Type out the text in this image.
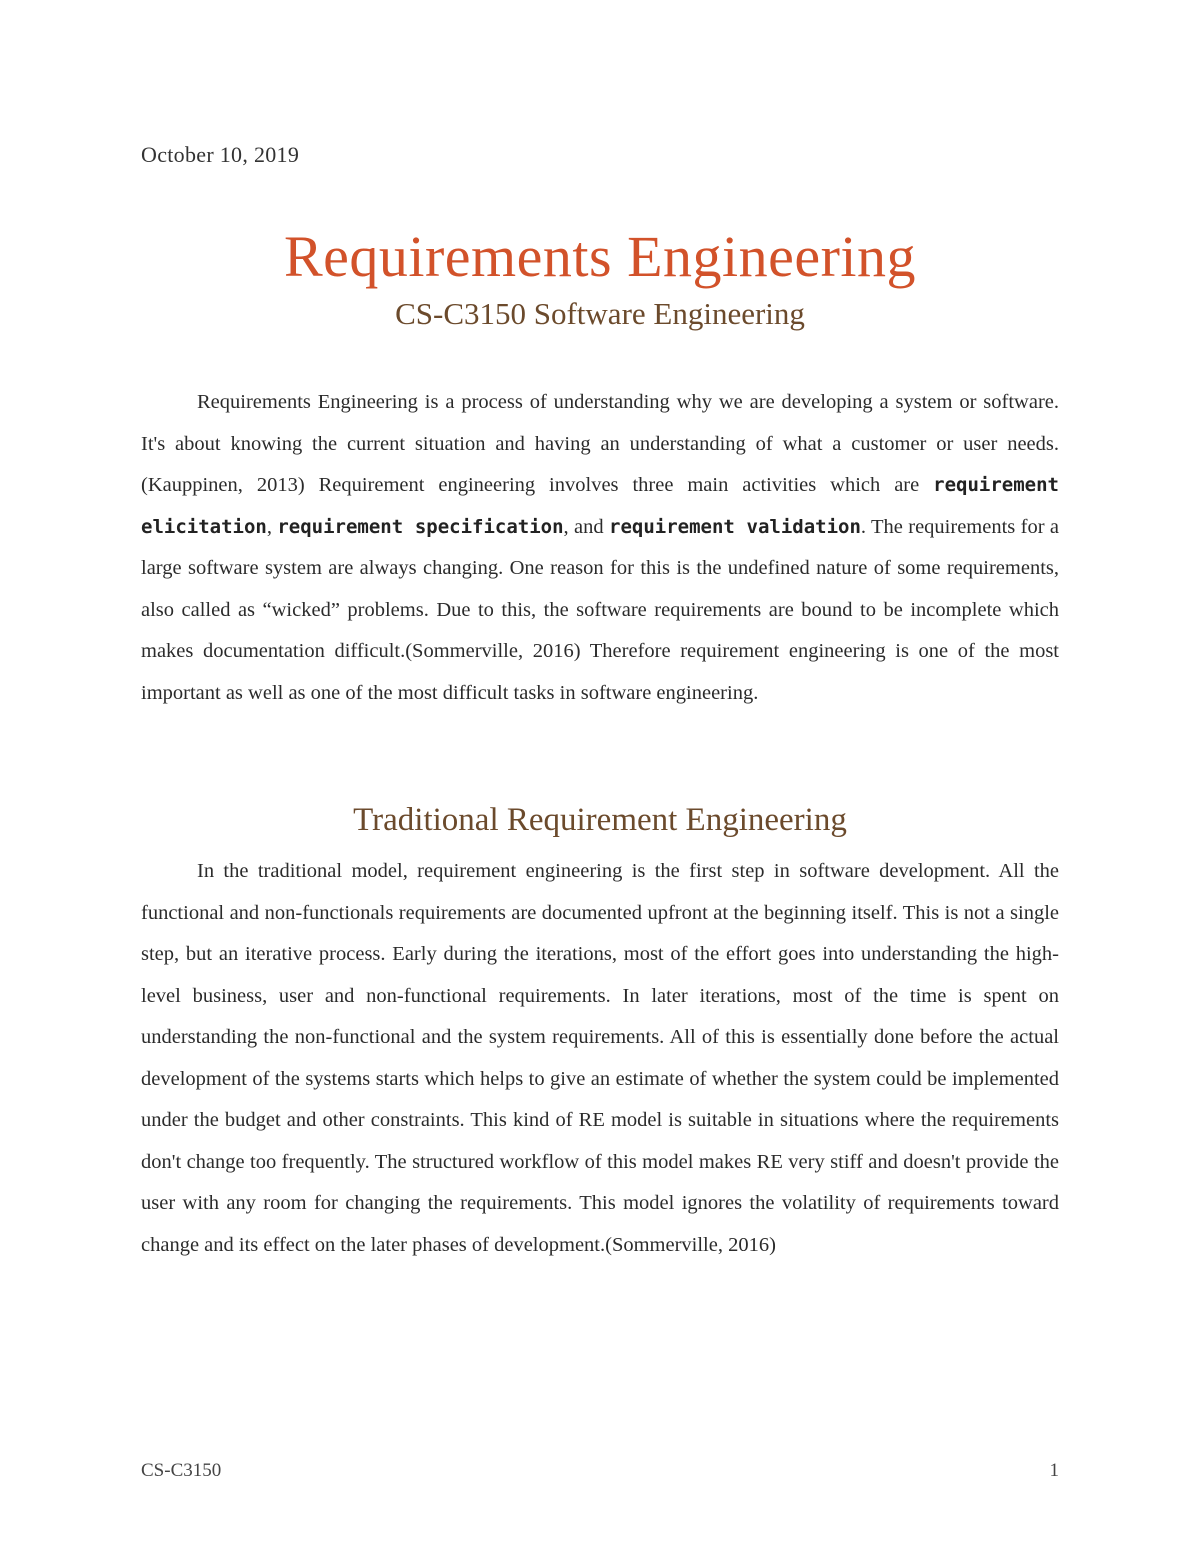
October 10, 2019
Requirements Engineering
CS-C3150 Software Engineering

Requirements Engineering is a process of understanding why we are developing a system or software. It's about knowing the current situation and having an understanding of what a customer or user needs.(Kauppinen, 2013) Requirement engineering involves three main activities which are requirement elicitation, requirement specification, and requirement validation. The requirements for a large software system are always changing. One reason for this is the undefined nature of some requirements, also called as “wicked” problems. Due to this, the software requirements are bound to be incomplete which makes documentation difficult.(Sommerville, 2016) Therefore requirement engineering is one of the most important as well as one of the most difficult tasks in software engineering.

Traditional Requirement Engineering

In the traditional model, requirement engineering is the first step in software development. All the functional and non-functionals requirements are documented upfront at the beginning itself. This is not a single step, but an iterative process. Early during the iterations, most of the effort goes into understanding the high-level business, user and non-functional requirements. In later iterations, most of the time is spent on understanding the non-functional and the system requirements. All of this is essentially done before the actual development of the systems starts which helps to give an estimate of whether the system could be implemented under the budget and other constraints. This kind of RE model is suitable in situations where the requirements don't change too frequently. The structured workflow of this model makes RE very stiff and doesn't provide the user with any room for changing the requirements. This model ignores the volatility of requirements toward change and its effect on the later phases of development.(Sommerville, 2016)

CS-C3150	1
